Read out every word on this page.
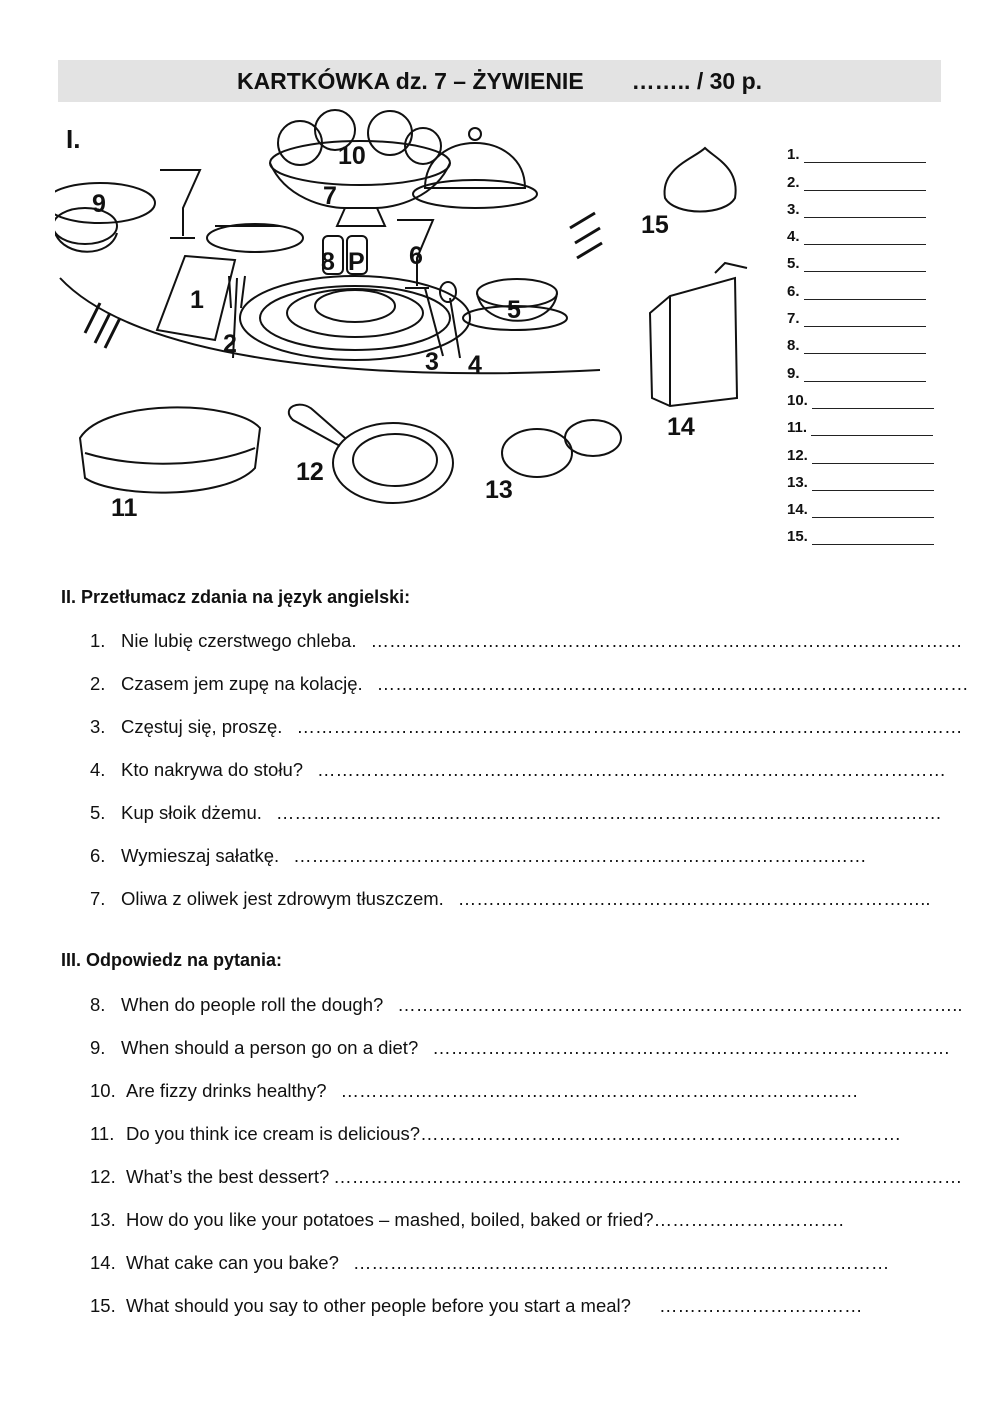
KARTKÓWKA dz. 7 – ŻYWIENIE …….. / 30 p.
I.
1
2
3 4
5
6
7
8 P
9
10
11
12
13
14
15
1.
2.
3.
4.
5.
6.
7.
8.
9.
10.
11.
12.
13.
14.
15.
II. Przetłumacz zdania na język angielski:
1. Nie lubię czerstwego chleba. ……………………………………………………………………………………
2. Czasem jem zupę na kolację. ……………………………………………………………………………………
3. Częstuj się, proszę. ………………………………………………………………………………………………
4. Kto nakrywa do stołu? …………………………………………………………………………………………
5. Kup słoik dżemu. ………………………………………………………………………………………………
6. Wymieszaj sałatkę. …………………………………………………………………………………
7. Oliwa z oliwek jest zdrowym tłuszczem. …………………………………………………………………..
III. Odpowiedz na pytania:
8. When do people roll the dough? ………………………………………………………………………………..
9. When should a person go on a diet? …………………………………………………………………………
10. Are fizzy drinks healthy? …………………………………………………………………………
11. Do you think ice cream is delicious? ……………………………………………………………………
12. What’s the best dessert? …………………………………………………………………………………………
13. How do you like your potatoes – mashed, boiled, baked or fried? ………………………….
14. What cake can you bake? ……………………………………………………………………………
15. What should you say to other people before you start a meal? ……………………………
